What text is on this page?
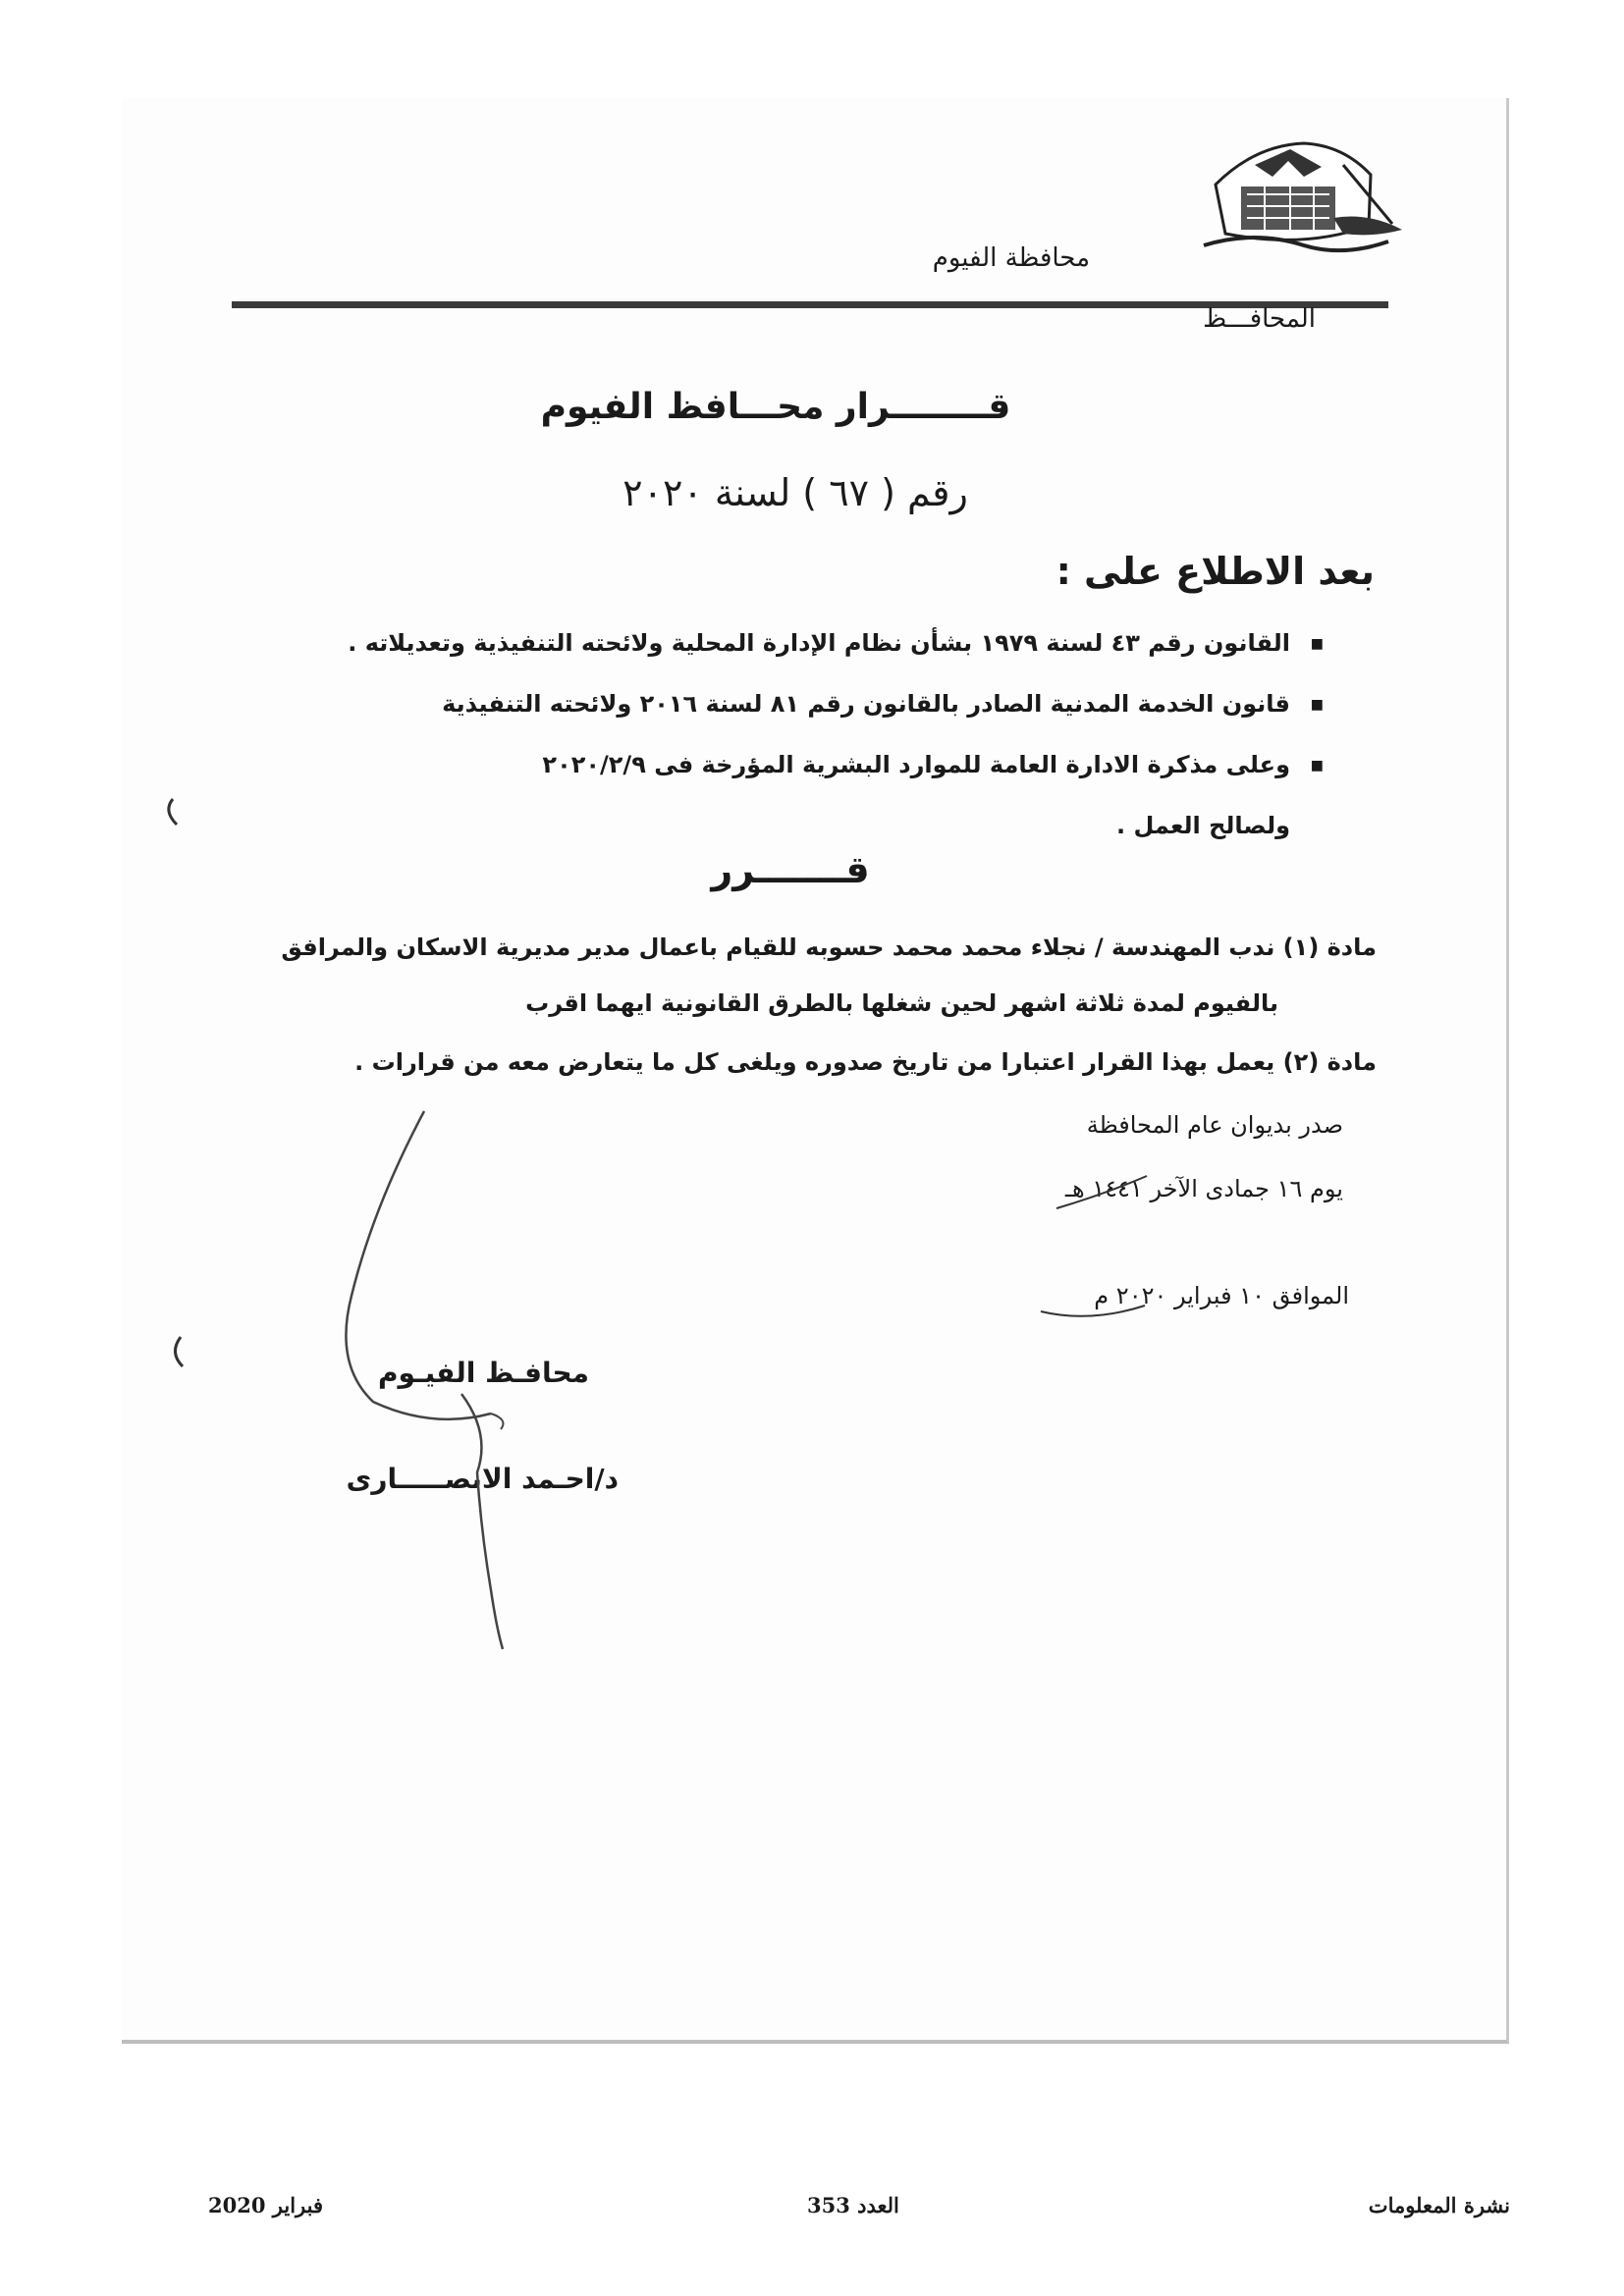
محافظة الفيوم
المحافـــظ
قــــــــرار محـــافظ الفيوم
رقم ( ٦٧ ) لسنة ٢٠٢٠
بعد الاطلاع على :
■القانون رقم ٤٣ لسنة ١٩٧٩ بشأن نظام الإدارة المحلية ولائحته التنفيذية وتعديلاته .
■قانون الخدمة المدنية الصادر بالقانون رقم ٨١ لسنة ٢٠١٦ ولائحته التنفيذية
■وعلى مذكرة الادارة العامة للموارد البشرية المؤرخة فى ٢٠٢٠/٢/٩
ولصالح العمل .
قـــــــرر
مادة (١) ندب المهندسة / نجلاء محمد محمد حسوبه للقيام باعمال مدير مديرية الاسكان والمرافق
بالفيوم لمدة ثلاثة اشهر لحين شغلها بالطرق القانونية ايهما اقرب
مادة (٢) يعمل بهذا القرار اعتبارا من تاريخ صدوره ويلغى كل ما يتعارض معه من قرارات .
صدر بديوان عام المحافظة
يوم ١٦ جمادى الآخر ١٤٤١ هـ
الموافق ١٠ فبراير ٢٠٢٠ م
محافـظ الفيـوم
د/احـمد الانصـــــارى
نشرة المعلومات
العدد 353
فبراير 2020
